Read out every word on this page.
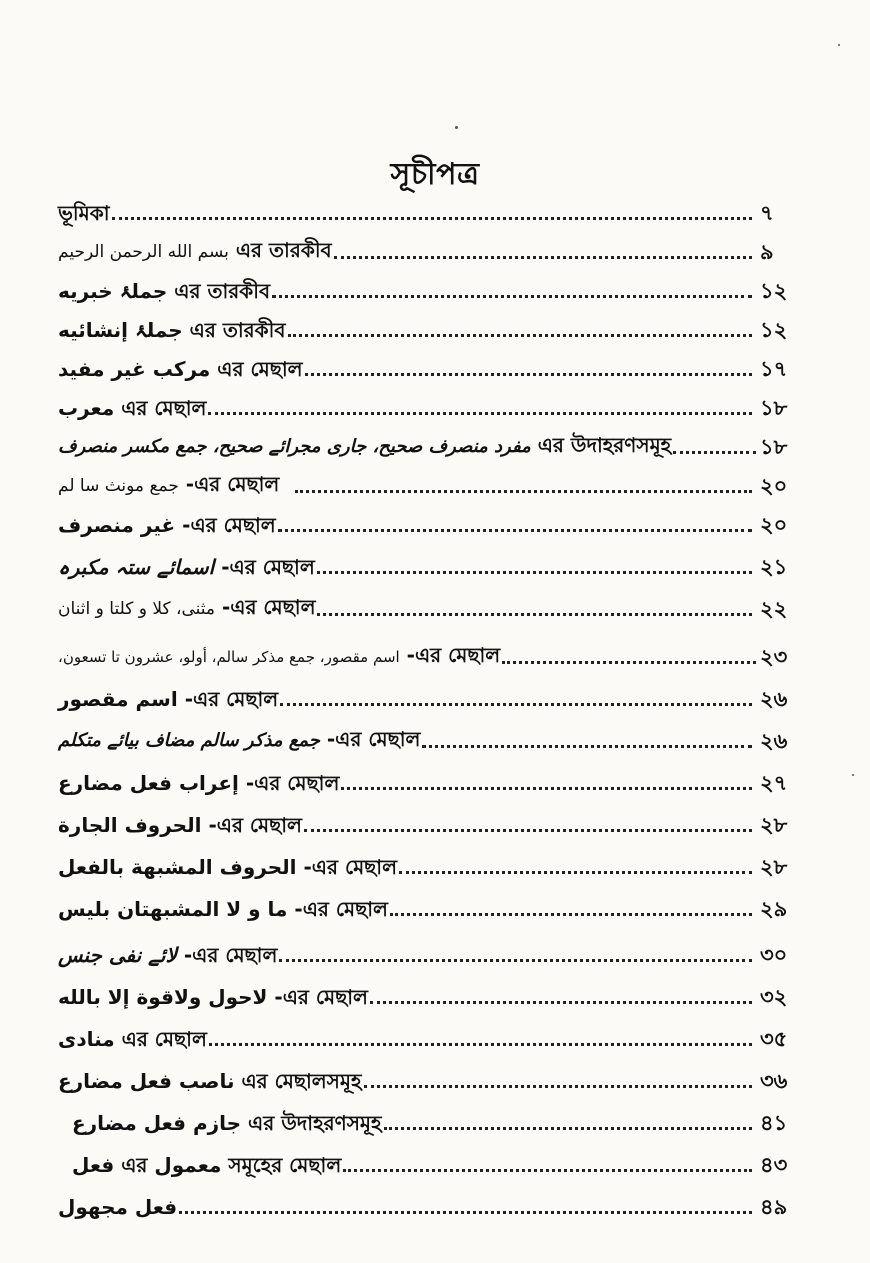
সূচীপত্র
ভূমিকা	৭
بسم الله الرحمن الرحيم এর তারকীব	৯
جملۂ خبريه এর তারকীব	১২
جملۂ إنشائيه এর তারকীব	১২
مركب غير مفيد এর মেছাল	১৭
معرب এর মেছাল	১৮
مفرد منصرف صحیح، جاری مجرائے صحیح، جمع مکسر منصرف এর উদাহরণসমূহ	১৮
جمع مونث سا لم -এর মেছাল	২০
غير منصرف -এর মেছাল	২০
اسمائے ستہ مکبرہ -এর মেছাল	২১
مثنى، كلا و كلتا و اثنان -এর মেছাল	২২
اسم مقصور، جمع مذكر سالم، أولو، عشرون تا تسعون، -এর মেছাল	২৩
اسم مقصور -এর মেছাল	২৬
جمع مذکر سالم مضاف بیائے متکلم -এর মেছাল	২৬
إعراب فعل مضارع -এর মেছাল	২৭
الحروف الجارة -এর মেছাল	২৮
الحروف المشبهة بالفعل -এর মেছাল	২৮
ما و لا المشبهتان بليس -এর মেছাল	২৯
لائے نفی جنس -এর মেছাল	৩০
لاحول ولاقوة إلا بالله -এর মেছাল	৩২
منادى এর মেছাল	৩৫
فعل مضارع ناصب এর মেছালসমূহ	৩৬
فعل مضارع جازم এর উদাহরণসমূহ	৪১
فعل এর معمول সমূহের মেছাল	৪৩
فعل مجهول	৪৯
